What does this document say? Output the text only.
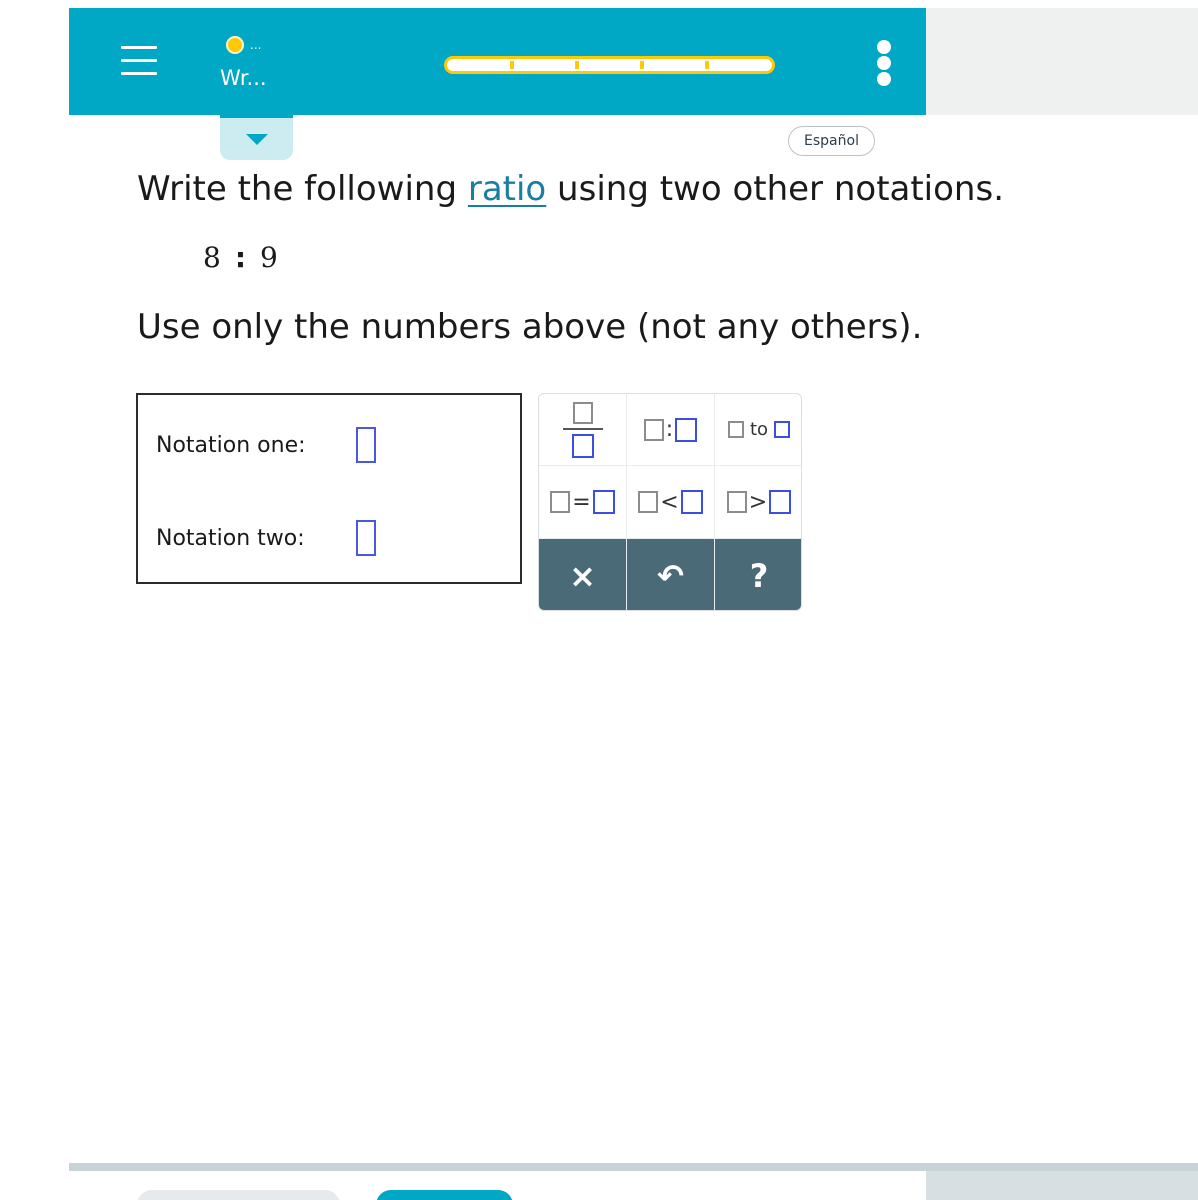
...
Wr...
Español
Write the following ratio using two other notations.
8 : 9
Use only the numbers above (not any others).
Notation one:
Notation two:
:	to
=	<	>
× ↶ ?
